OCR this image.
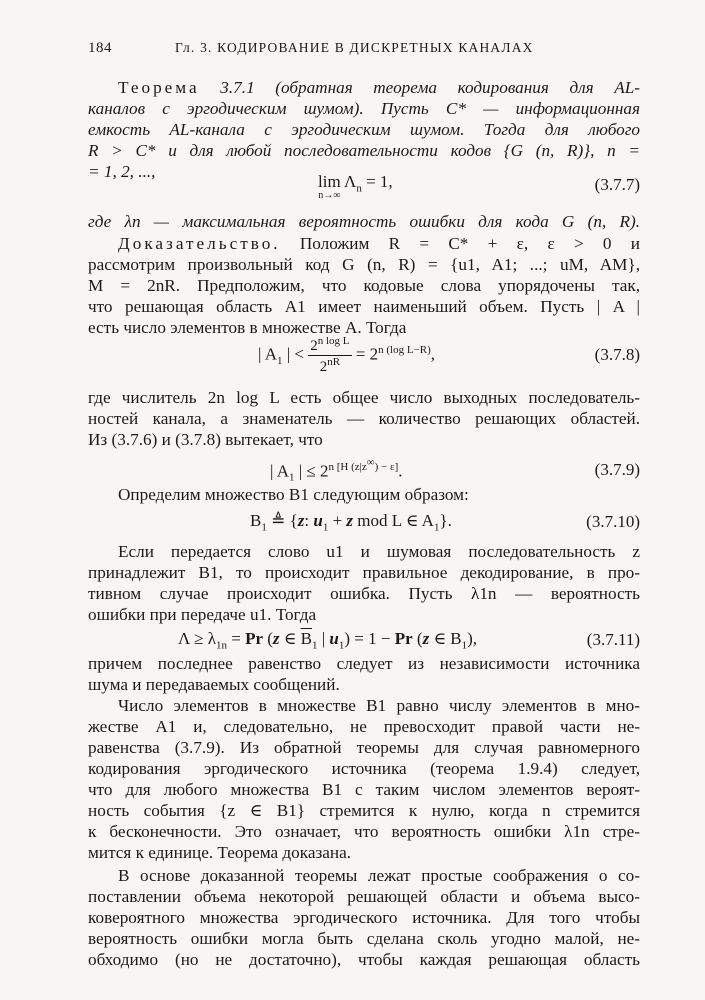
184	Гл. 3. КОДИРОВАНИЕ В ДИСКРЕТНЫХ КАНАЛАХ
Теорема 3.7.1 (обратная теорема кодирования для AL-
каналов с эргодическим шумом). Пусть C* — информационная
емкость AL-канала с эргодическим шумом. Тогда для любого
R > C* и для любой последовательности кодов {G (n, R)}, n =
= 1, 2, ...,
lim
n→∞
$\Lambda_n = 1$,	(3.7.7)
где λn — максимальная вероятность ошибки для кода G (n, R).
Доказательство. Положим R = C* + ε, ε > 0 и
рассмотрим произвольный код G (n, R) = {u1, A1; ...; uM, AM},
M = 2nR. Предположим, что кодовые слова упорядочены так,
что решающая область A1 имеет наименьший объем. Пусть | A |
есть число элементов в множестве A. Тогда
| $A_1$ | < $\frac{2^{n log L}}{2^{nR}} = 2^{n (log L-R)}$,	(3.7.8)
где числитель 2n log L есть общее число выходных последователь-
ностей канала, а знаменатель — количество решающих областей.
Из (3.7.6) и (3.7.8) вытекает, что
| $A_1$ | ≤ $2^{n [H (z|z^\infty) - \varepsilon]}$.	(3.7.9)
Определим множество B1 следующим образом:
$B_1$ ≜ {z: $u_1 + z$ mod L ∈ $A_1$}.	(3.7.10)
Если передается слово u1 и шумовая последовательность z
принадлежит B1, то происходит правильное декодирование, в про-
тивном случае происходит ошибка. Пусть λ1n — вероятность
ошибки при передаче u1. Тогда
$\Lambda \ge \lambda_{1n} = Pr$ (z ∈ $\overline{B}_1$ | $u_1) = 1 - Pr$ (z ∈ $B_1$),	(3.7.11)
причем последнее равенство следует из независимости источника
шума и передаваемых сообщений.
Число элементов в множестве B1 равно числу элементов в мно-
жестве A1 и, следовательно, не превосходит правой части не-
равенства (3.7.9). Из обратной теоремы для случая равномерного
кодирования эргодического источника (теорема 1.9.4) следует,
что для любого множества B1 с таким числом элементов вероят-
ность события {z ∈ B1} стремится к нулю, когда n стремится
к бесконечности. Это означает, что вероятность ошибки λ1n стре-
мится к единице. Теорема доказана.
В основе доказанной теоремы лежат простые соображения о со-
поставлении объема некоторой решающей области и объема высо-
ковероятного множества эргодического источника. Для того чтобы
вероятность ошибки могла быть сделана сколь угодно малой, не-
обходимо (но не достаточно), чтобы каждая решающая область
